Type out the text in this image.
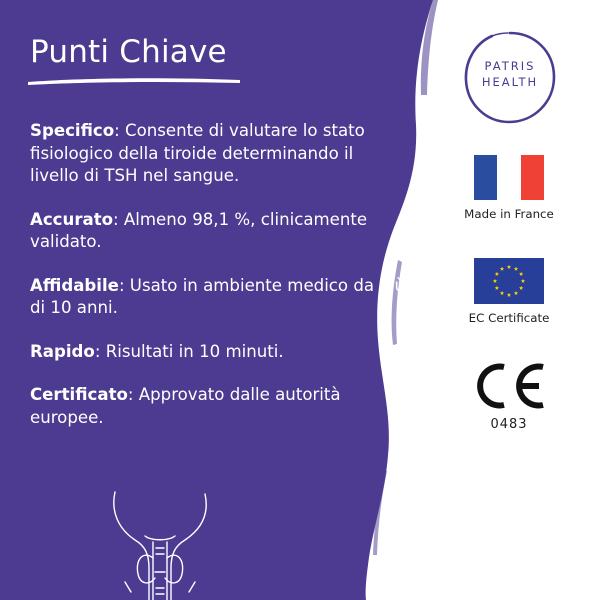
Punti Chiave

Specifico: Consente di valutare lo stato fisiologico della tiroide determinando il livello di TSH nel sangue.

Accurato: Almeno 98,1 %, clinicamente validato.

Affidabile: Usato in ambiente medico da più di 10 anni.

Rapido: Risultati in 10 minuti.

Certificato: Approvato dalle autorità europee.

PATRIS
HEALTH
Made in France
EC Certificate
0483
